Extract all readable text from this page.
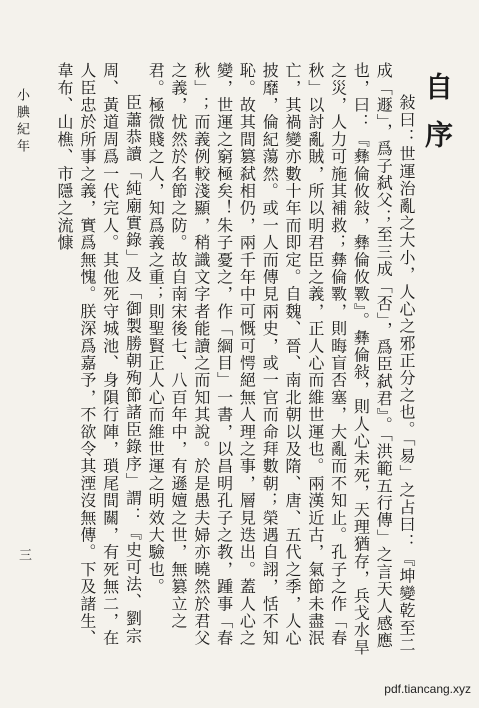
自序

敍曰：世運治亂之大小，人心之邪正分之也。「易」之占曰：『坤變乾至二成「遯」，爲子弑父；至三成「否」，爲臣弑君』。「洪範五行傳」之言天人感應也，曰：『彝倫攸敍，彝倫攸斁』。彝倫敍，則人心未死，天理猶存，兵戈水旱之災，人力可施其補救；彝倫斁，則晦盲否塞，大亂而不知止。孔子之作「春秋」以討亂賊，所以明君臣之義，正人心而維世運也。兩漢近古，氣節未盡泯亡，其禍變亦數十年而即定。自魏、晉、南北朝以及隋、唐、五代之季，人心披靡，倫紀蕩然。或一人而傳見兩史，或一官而命拜數朝；榮遇自詡，恬不知恥。故其間篡弑相仍，兩千年中可慨可愕絕無人理之事，層見迭出。蓋人心之變，世運之窮極矣！朱子憂之，作「綱目」一書，以昌明孔子之教，踵事「春秋」；而義例較淺顯，稍識文字者能讀之而知其說。於是愚夫婦亦曉然於君父之義，忧然於名節之防。故自南宋後七、八百年中，有遜嬗之世，無篡立之君。極微賤之人，知爲義之重；則聖賢正人心而維世運之明效大驗也。

臣蕭恭讀「純廟實錄」及「御製勝朝殉節諸臣錄序」謂：『史可法、劉宗周、黃道周爲一代完人。其他死守城池、身隕行陣，瑣尾間關，有死無二，在人臣忠於所事之義，實爲無愧。朕深爲嘉予，不欲令其湮沒無傳。下及諸生、韋布、山樵、市隱之流慷

小腆紀年
三
pdf.tiancang.xyz
